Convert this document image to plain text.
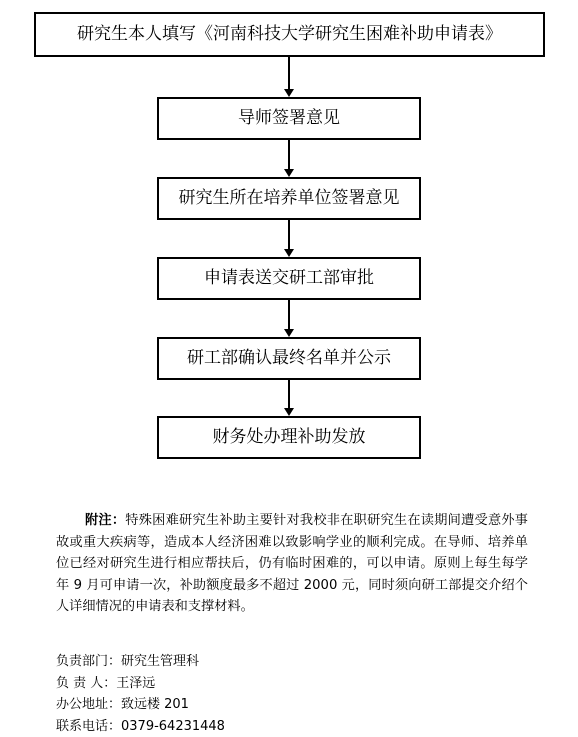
研究生本人填写《河南科技大学研究生困难补助申请表》
导师签署意见
研究生所在培养单位签署意见
申请表送交研工部审批
研工部确认最终名单并公示
财务处办理补助发放
附注：特殊困难研究生补助主要针对我校非在职研究生在读期间遭受意外事故或重大疾病等，造成本人经济困难以致影响学业的顺利完成。在导师、培养单位已经对研究生进行相应帮扶后，仍有临时困难的，可以申请。原则上每生每学年 9 月可申请一次，补助额度最多不超过 2000 元，同时须向研工部提交介绍个人详细情况的申请表和支撑材料。
负责部门：研究生管理科
负 责 人：王泽远
办公地址：致远楼 201
联系电话：0379-64231448
